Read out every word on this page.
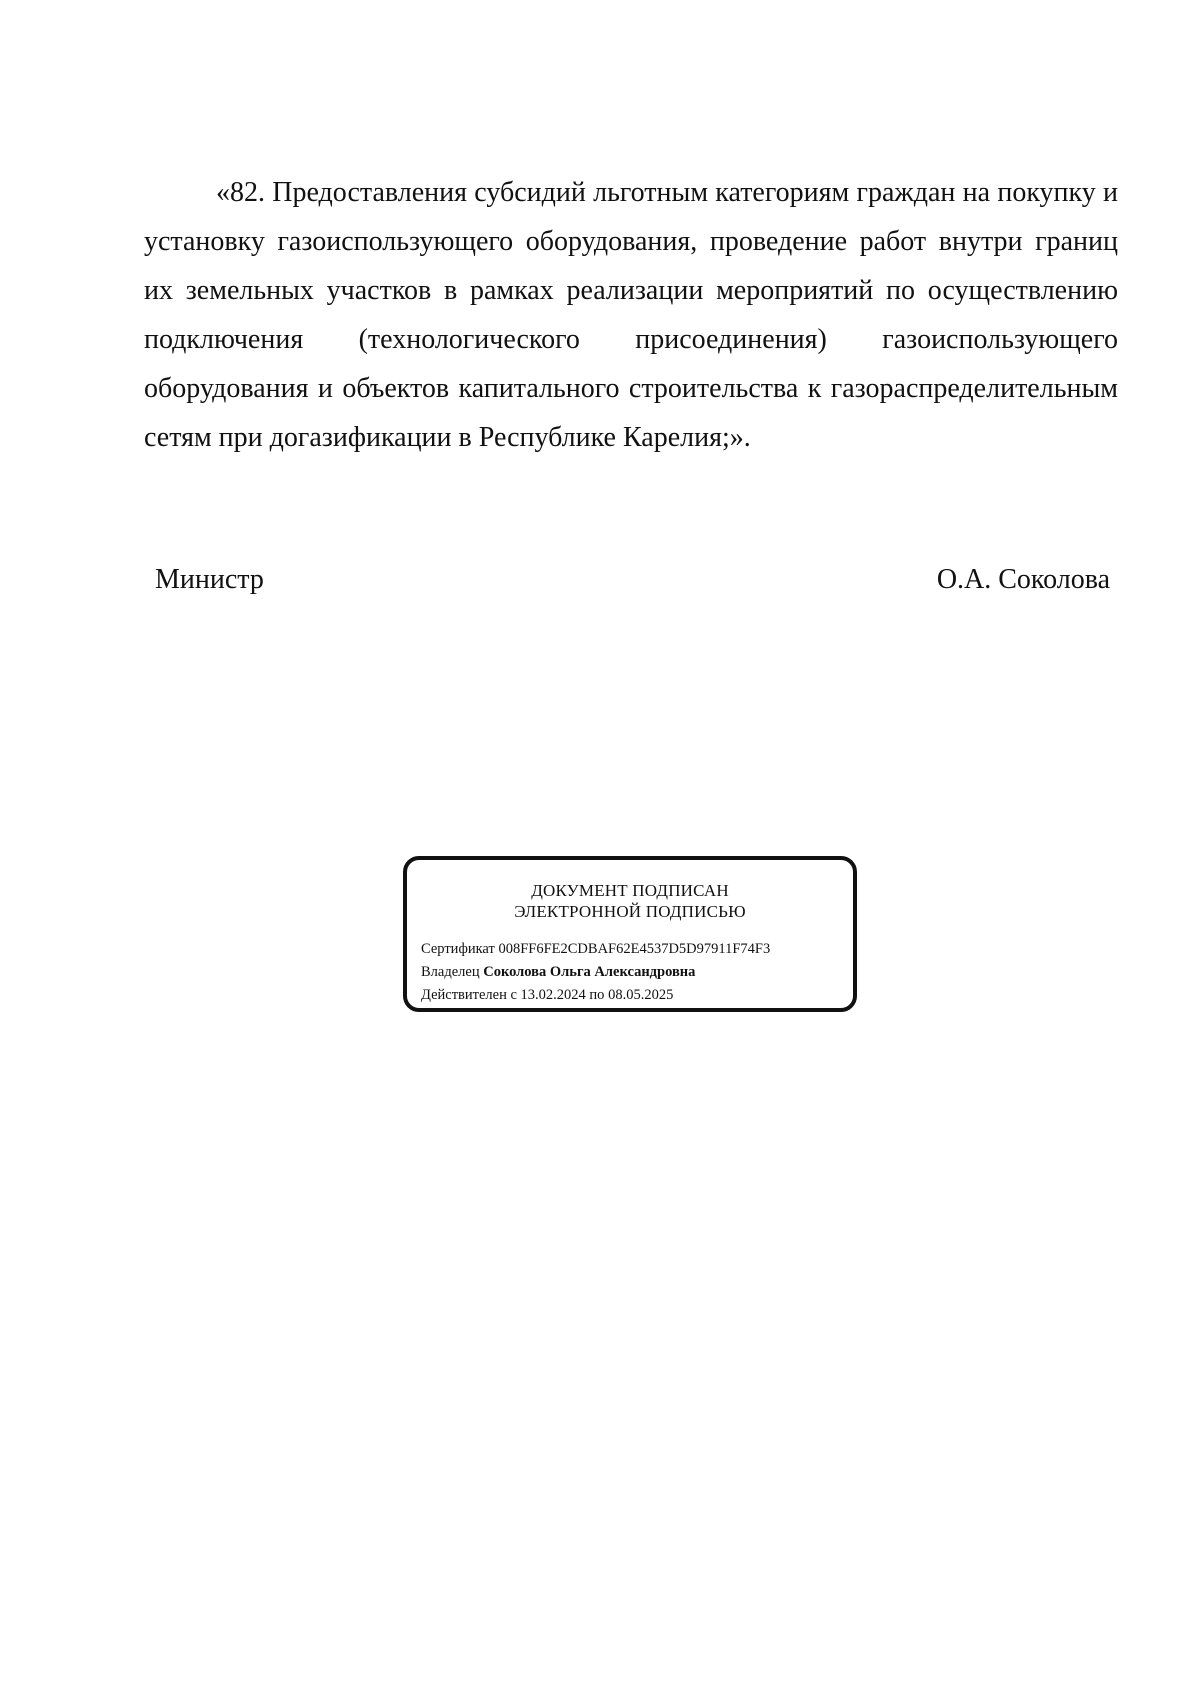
«82. Предоставления субсидий льготным категориям граждан на покупку и установку газоиспользующего оборудования, проведение работ внутри границ их земельных участков в рамках реализации мероприятий по осуществлению подключения (технологического присоединения) газоиспользующего оборудования и объектов капитального строительства к газораспределительным сетям при догазификации в Республике Карелия;».

Министр	О.А. Соколова
ДОКУМЕНТ ПОДПИСАН
ЭЛЕКТРОННОЙ ПОДПИСЬЮ
Сертификат 008FF6FE2CDBAF62E4537D5D97911F74F3
Владелец Соколова Ольга Александровна
Действителен с 13.02.2024 по 08.05.2025
